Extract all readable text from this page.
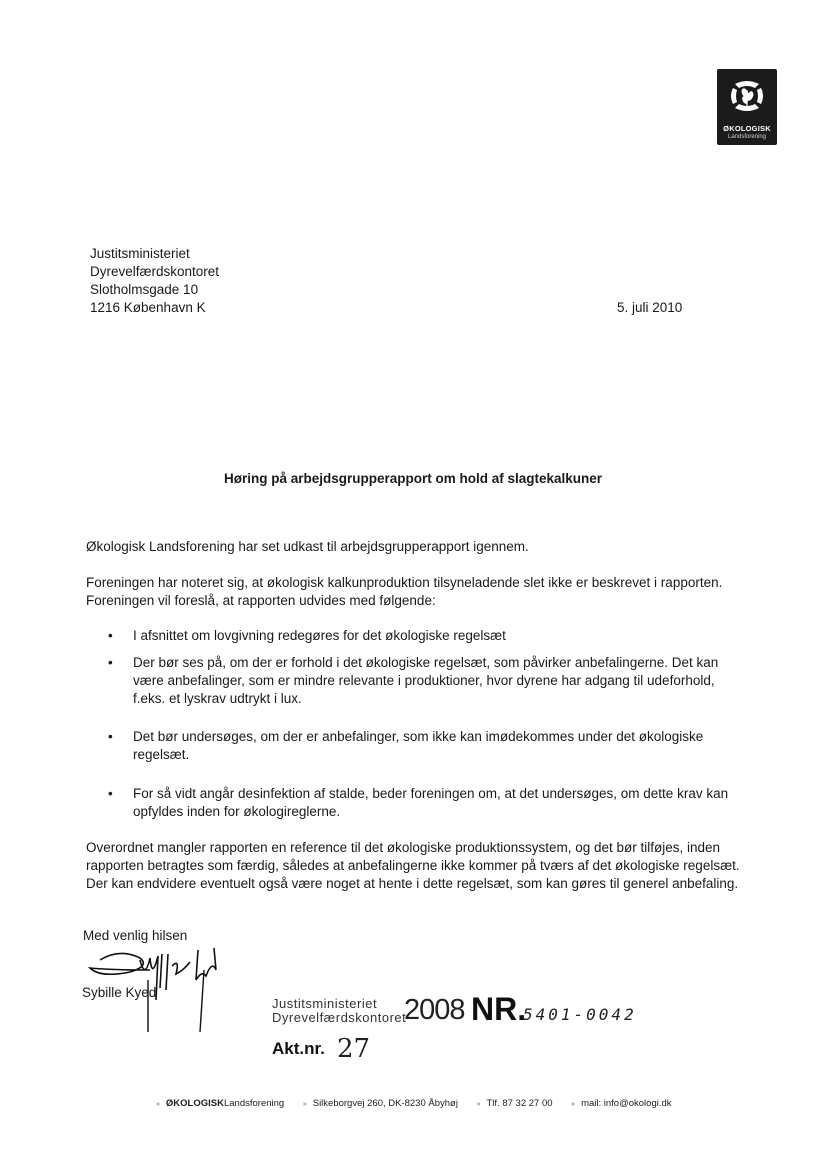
ØKOLOGISK
Landsforening
Justitsministeriet
Dyrevelfærdskontoret
Slotholmsgade 10
1216 København K	5. juli 2010
Høring på arbejdsgrupperapport om hold af slagtekalkuner
Økologisk Landsforening har set udkast til arbejdsgrupperapport igennem.
Foreningen har noteret sig, at økologisk kalkunproduktion tilsyneladende slet ikke er beskrevet i rapporten. Foreningen vil foreslå, at rapporten udvides med følgende:
•	I afsnittet om lovgivning redegøres for det økologiske regelsæt
•	Der bør ses på, om der er forhold i det økologiske regelsæt, som påvirker anbefalingerne. Det kan være anbefalinger, som er mindre relevante i produktioner, hvor dyrene har adgang til udeforhold, f.eks. et lyskrav udtrykt i lux.
•	Det bør undersøges, om der er anbefalinger, som ikke kan imødekommes under det økologiske regelsæt.
•	For så vidt angår desinfektion af stalde, beder foreningen om, at det undersøges, om dette krav kan opfyldes inden for økologireglerne.
Overordnet mangler rapporten en reference til det økologiske produktionssystem, og det bør tilføjes, inden rapporten betragtes som færdig, således at anbefalingerne ikke kommer på tværs af det økologiske regelsæt. Der kan endvidere eventuelt også være noget at hente i dette regelsæt, som kan gøres til generel anbefaling.
Med venlig hilsen
Sybille Kyed
Justitsministeriet
Dyrevelfærdskontoret
2008 NR.
5401-0042
Akt.nr. 27
» ØKOLOGISKLandsforening	» Silkeborgvej 260, DK-8230 Åbyhøj	» Tlf. 87 32 27 00	» mail: info@okologi.dk
